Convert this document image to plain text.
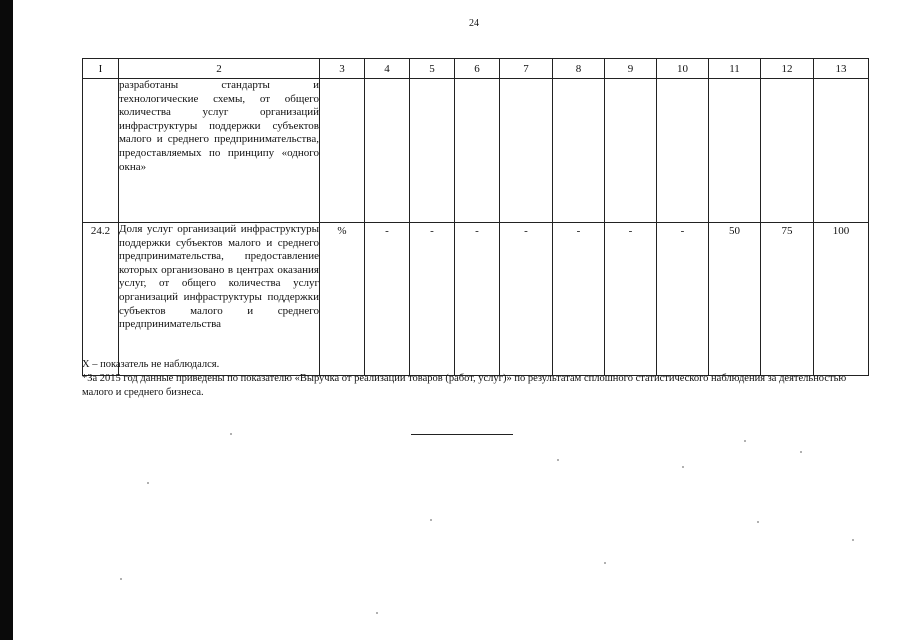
24
I	2	3	4	5	6	7	8	9	10	11	12	13

	разработаны стандарты и технологические схемы, от общего количества услуг организаций инфраструктуры поддержки субъектов малого и среднего предпринимательства, предоставляемых по принципу «одного окна»											

24.2	Доля услуг организаций инфраструктуры поддержки субъектов малого и среднего предпринимательства, предоставление которых организовано в центрах оказания услуг, от общего количества услуг организаций инфраструктуры поддержки субъектов малого и среднего предпринимательства	%	-	-	-	-	-	-	-	50	75	100
Х – показатель не наблюдался.
*За 2015 год данные приведены по показателю «Выручка от реализации товаров (работ, услуг)» по результатам сплошного статистического наблюдения за деятельностью малого и среднего бизнеса.
